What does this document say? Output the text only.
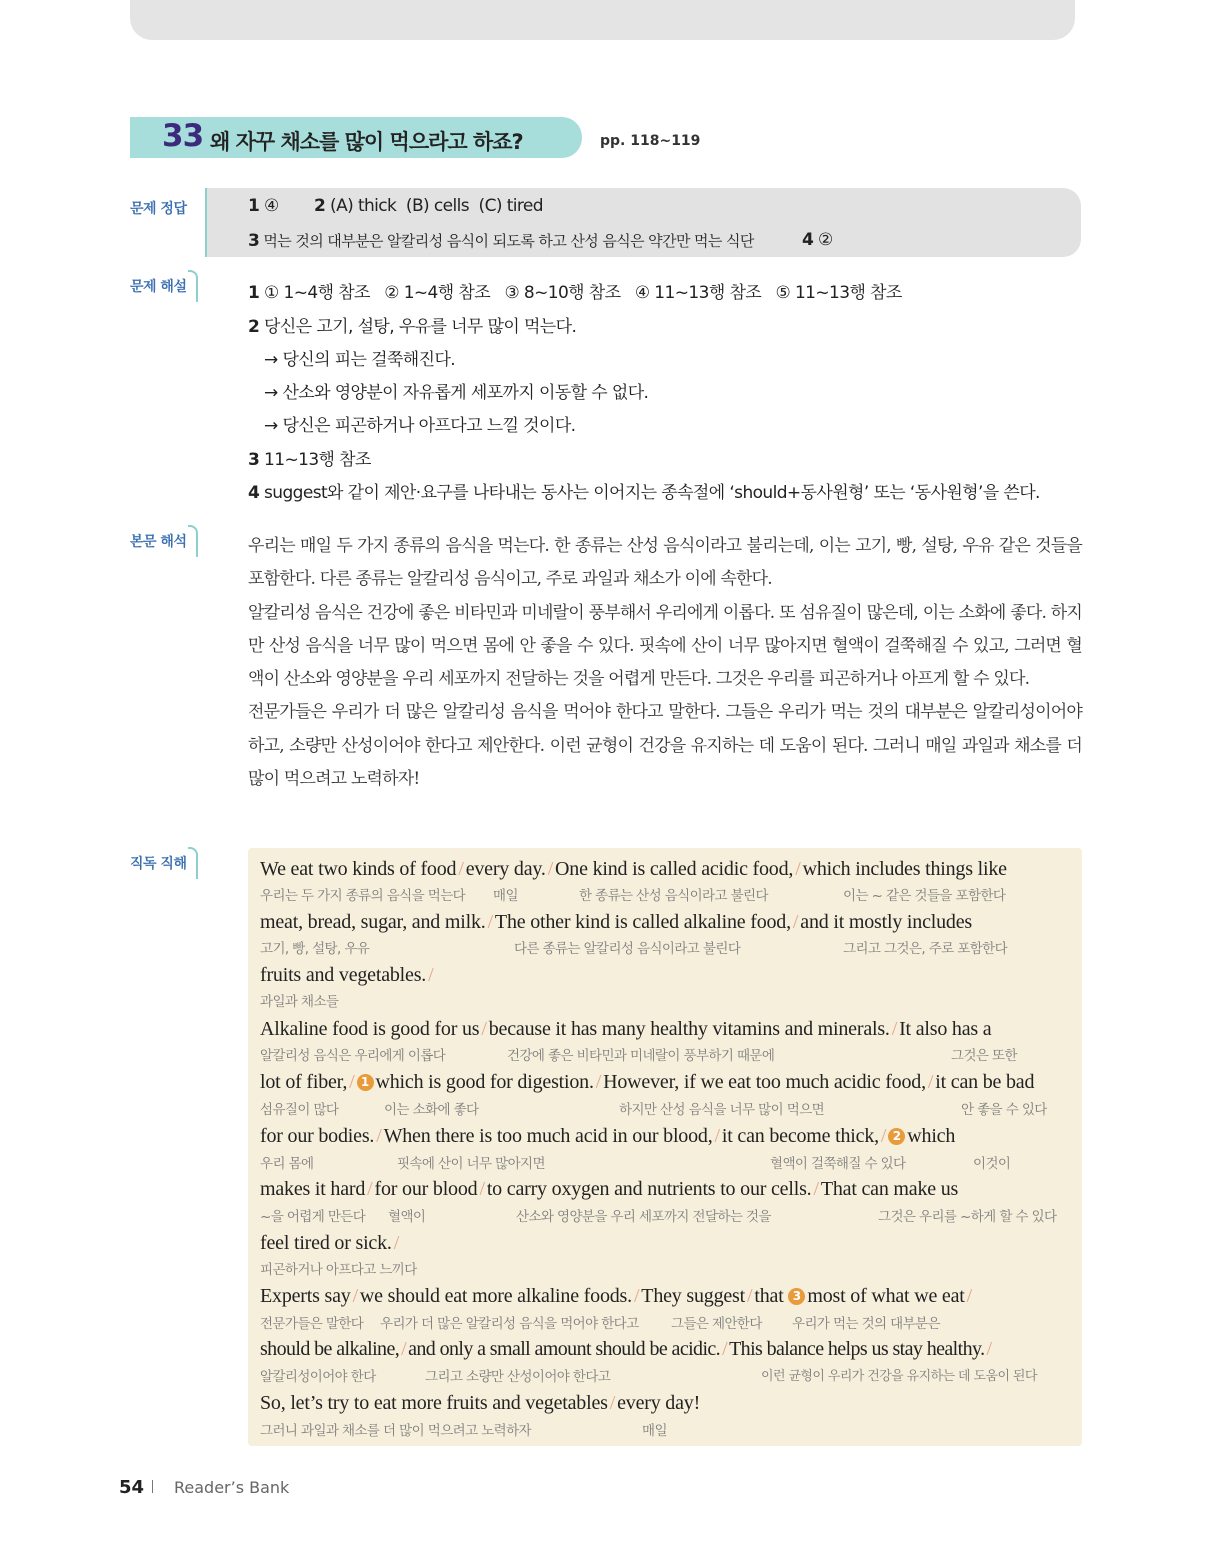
33 왜 자꾸 채소를 많이 먹으라고 하죠?	pp. 118~119
문제 정답	1 ④ 2 (A) thick  (B) cells  (C) tired
3 먹는 것의 대부분은 알칼리성 음식이 되도록 하고 산성 음식은 약간만 먹는 식단	4 ②
문제 해설	1 ① 1~4행 참조   ② 1~4행 참조   ③ 8~10행 참조   ④ 11~13행 참조   ⑤ 11~13행 참조
2 당신은 고기, 설탕, 우유를 너무 많이 먹는다.
→ 당신의 피는 걸쭉해진다.
→ 산소와 영양분이 자유롭게 세포까지 이동할 수 없다.
→ 당신은 피곤하거나 아프다고 느낄 것이다.
3 11~13행 참조
4 suggest와 같이 제안·요구를 나타내는 동사는 이어지는 종속절에 ‘should+동사원형’ 또는 ‘동사원형’을 쓴다.
본문 해석	우리는 매일 두 가지 종류의 음식을 먹는다. 한 종류는 산성 음식이라고 불리는데, 이는 고기, 빵, 설탕, 우유 같은 것들을 포함한다. 다른 종류는 알칼리성 음식이고, 주로 과일과 채소가 이에 속한다.

알칼리성 음식은 건강에 좋은 비타민과 미네랄이 풍부해서 우리에게 이롭다. 또 섬유질이 많은데, 이는 소화에 좋다. 하지만 산성 음식을 너무 많이 먹으면 몸에 안 좋을 수 있다. 핏속에 산이 너무 많아지면 혈액이 걸쭉해질 수 있고, 그러면 혈액이 산소와 영양분을 우리 세포까지 전달하는 것을 어렵게 만든다. 그것은 우리를 피곤하거나 아프게 할 수 있다.

전문가들은 우리가 더 많은 알칼리성 음식을 먹어야 한다고 말한다. 그들은 우리가 먹는 것의 대부분은 알칼리성이어야 하고, 소량만 산성이어야 한다고 제안한다. 이런 균형이 건강을 유지하는 데 도움이 된다. 그러니 매일 과일과 채소를 더 많이 먹으려고 노력하자!

직독 직해	We eat two kinds of food / every day. / One kind is called acidic food, / which includes things like
우리는 두 가지 종류의 음식을 먹는다 매일	한 종류는 산성 음식이라고 불린다	이는 ~ 같은 것들을 포함한다
meat, bread, sugar, and milk. / The other kind is called alkaline food, / and it mostly includes
고기, 빵, 설탕, 우유	다른 종류는 알칼리성 음식이라고 불린다	그리고 그것은, 주로 포함한다
fruits and vegetables. /
과일과 채소들
Alkaline food is good for us / because it has many healthy vitamins and minerals. / It also has a
알칼리성 음식은 우리에게 이롭다	건강에 좋은 비타민과 미네랄이 풍부하기 때문에	그것은 또한
lot of fiber, / 1 which is good for digestion. / However, if we eat too much acidic food, / it can be bad
섬유질이 많다	이는 소화에 좋다	하지만 산성 음식을 너무 많이 먹으면	안 좋을 수 있다
for our bodies. / When there is too much acid in our blood, / it can become thick, / 2 which
우리 몸에	핏속에 산이 너무 많아지면	혈액이 걸쭉해질 수 있다	이것이
makes it hard / for our blood / to carry oxygen and nutrients to our cells. / That can make us
~을 어렵게 만든다 혈액이	산소와 영양분을 우리 세포까지 전달하는 것을	그것은 우리를 ~하게 할 수 있다
feel tired or sick. /
피곤하거나 아프다고 느끼다
Experts say / we should eat more alkaline foods. / They suggest / that 3 most of what we eat /
전문가들은 말한다 우리가 더 많은 알칼리성 음식을 먹어야 한다고 그들은 제안한다 우리가 먹는 것의 대부분은
should be alkaline, / and only a small amount should be acidic. / This balance helps us stay healthy. /
알칼리성이어야 한다	그리고 소량만 산성이어야 한다고	이런 균형이 우리가 건강을 유지하는 데 도움이 된다
So, let’s try to eat more fruits and vegetables / every day!
그러니 과일과 채소를 더 많이 먹으려고 노력하자	매일
54 Reader’s Bank
